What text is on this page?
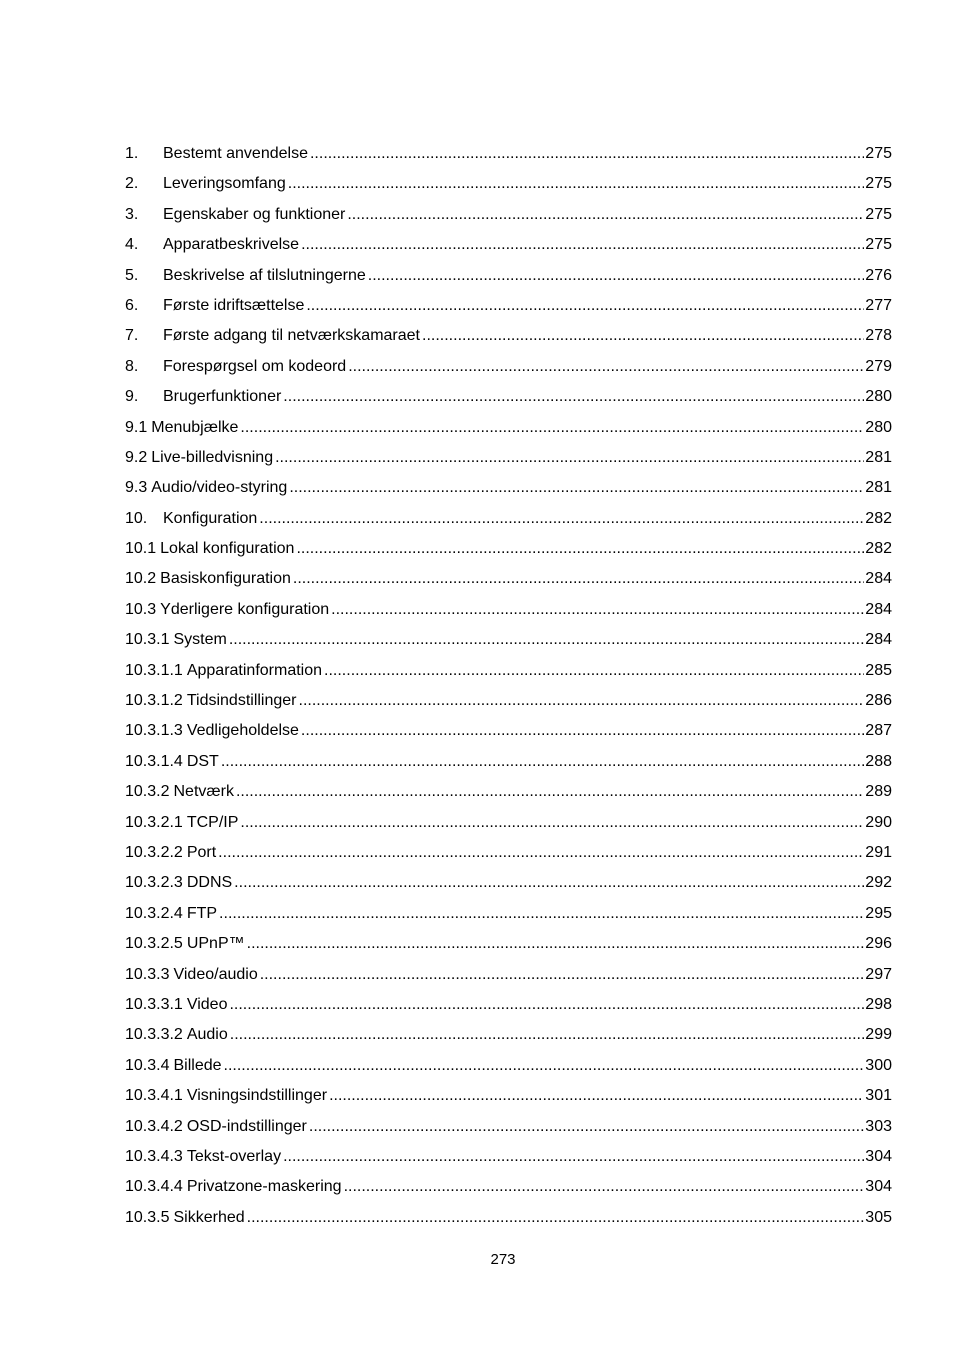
1.	Bestemt anvendelse .....	275
2.	Leveringsomfang .....	275
3.	Egenskaber og funktioner .....	275
4.	Apparatbeskrivelse .....	275
5.	Beskrivelse af tilslutningerne .....	276
6.	Første idriftsættelse .....	277
7.	Første adgang til netværkskamaraet .....	278
8.	Forespørgsel om kodeord .....	279
9.	Brugerfunktioner .....	280
9.1 Menubjælke .....	280
9.2 Live-billedvisning .....	281
9.3 Audio/video-styring .....	281
10. Konfiguration .....	282
10.1 Lokal konfiguration .....	282
10.2 Basiskonfiguration .....	284
10.3 Yderligere konfiguration .....	284
10.3.1 System .....	284
10.3.1.1 Apparatinformation .....	285
10.3.1.2 Tidsindstillinger .....	286
10.3.1.3 Vedligeholdelse .....	287
10.3.1.4 DST .....	288
10.3.2 Netværk .....	289
10.3.2.1 TCP/IP .....	290
10.3.2.2 Port .....	291
10.3.2.3 DDNS .....	292
10.3.2.4 FTP .....	295
10.3.2.5 UPnP™ .....	296
10.3.3 Video/audio .....	297
10.3.3.1 Video .....	298
10.3.3.2 Audio .....	299
10.3.4 Billede .....	300
10.3.4.1 Visningsindstillinger .....	301
10.3.4.2 OSD-indstillinger .....	303
10.3.4.3 Tekst-overlay .....	304
10.3.4.4 Privatzone-maskering .....	304
10.3.5 Sikkerhed .....	305
273
